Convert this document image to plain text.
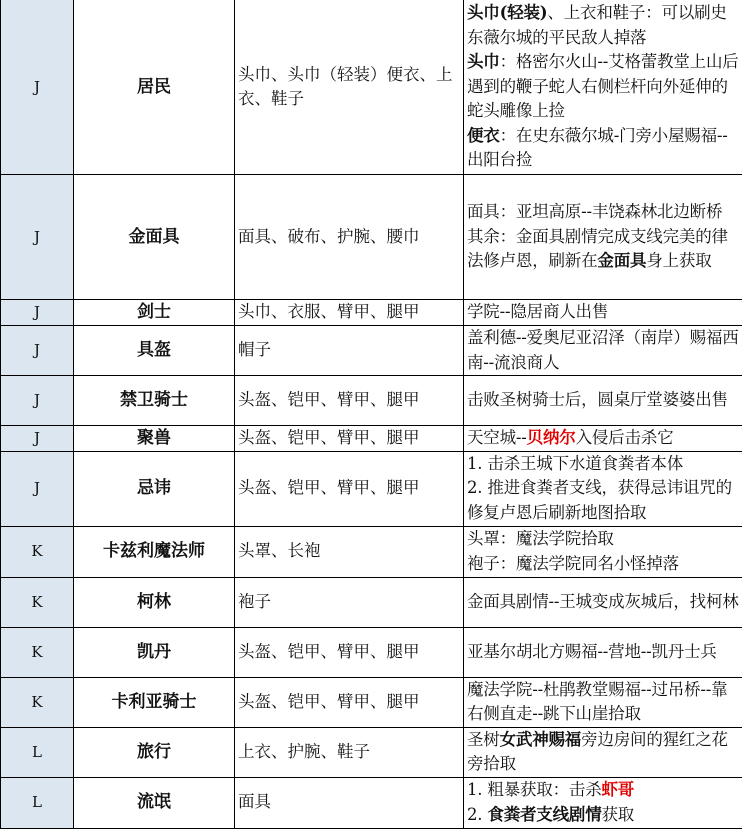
J	居民	头巾、头巾（轻装）便衣、上衣、鞋子	头巾(轻装)、上衣和鞋子：可以刷史东薇尔城的平民敌人掉落
头巾：格密尔火山--艾格蕾教堂上山后遇到的鞭子蛇人右侧栏杆向外延伸的蛇头雕像上捡
便衣：在史东薇尔城-门旁小屋赐福--出阳台捡

J	金面具	面具、破布、护腕、腰巾	面具：亚坦高原--丰饶森林北边断桥
其余：金面具剧情完成支线完美的律法修卢恩，刷新在金面具身上获取

J	剑士	头巾、衣服、臂甲、腿甲	学院--隐居商人出售

J	具盔	帽子	盖利德--爱奥尼亚沼泽（南岸）赐福西南--流浪商人

J	禁卫骑士	头盔、铠甲、臂甲、腿甲	击败圣树骑士后，圆桌厅堂婆婆出售

J	聚兽	头盔、铠甲、臂甲、腿甲	天空城--贝纳尔入侵后击杀它

J	忌讳	头盔、铠甲、臂甲、腿甲	1. 击杀王城下水道食粪者本体
2. 推进食粪者支线，获得忌讳诅咒的修复卢恩后刷新地图拾取

K	卡兹利魔法师	头罩、长袍	头罩：魔法学院拾取
袍子：魔法学院同名小怪掉落

K	柯林	袍子	金面具剧情--王城变成灰城后，找柯林

K	凯丹	头盔、铠甲、臂甲、腿甲	亚基尔胡北方赐福--营地--凯丹士兵

K	卡利亚骑士	头盔、铠甲、臂甲、腿甲	魔法学院--杜鹃教堂赐福--过吊桥--靠右侧直走--跳下山崖拾取

L	旅行	上衣、护腕、鞋子	圣树女武神赐福旁边房间的猩红之花旁拾取

L	流氓	面具	1. 粗暴获取：击杀虾哥
2. 食粪者支线剧情获取
